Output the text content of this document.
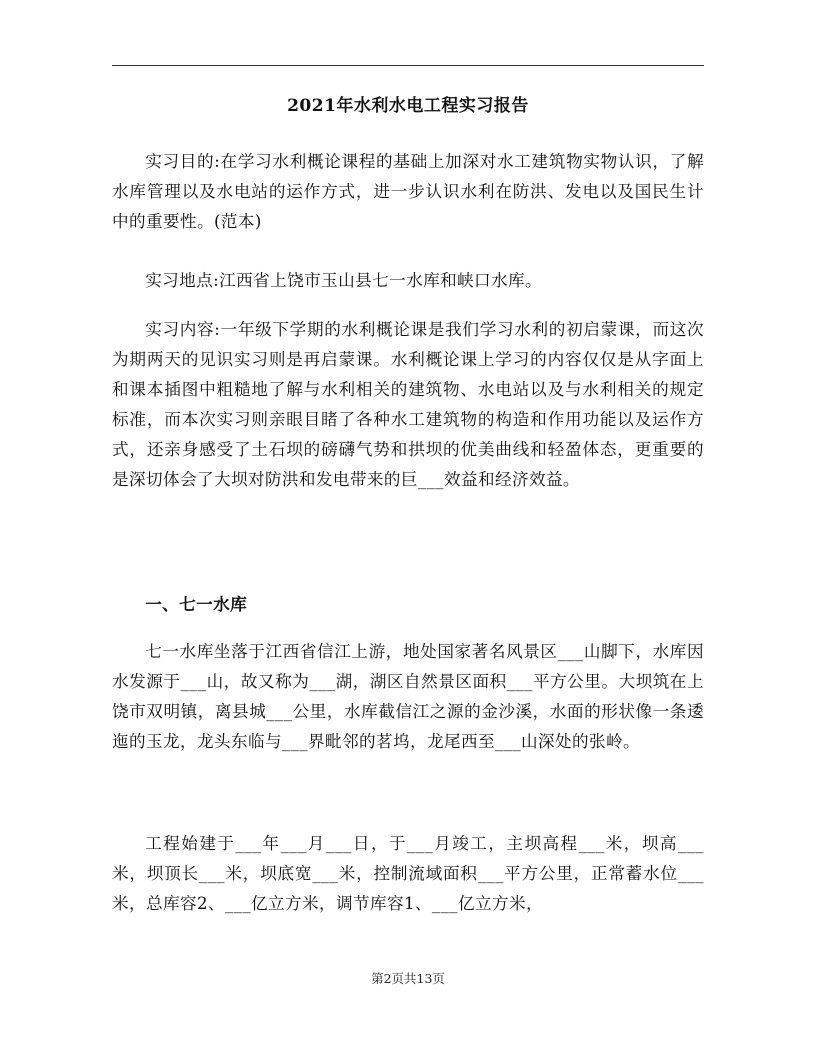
2021年水利水电工程实习报告

实习目的:在学习水利概论课程的基础上加深对水工建筑物实物认识，了解水库管理以及水电站的运作方式，进一步认识水利在防洪、发电以及国民生计中的重要性。(范本)

实习地点:江西省上饶市玉山县七一水库和峡口水库。

实习内容:一年级下学期的水利概论课是我们学习水利的初启蒙课，而这次为期两天的见识实习则是再启蒙课。水利概论课上学习的内容仅仅是从字面上和课本插图中粗糙地了解与水利相关的建筑物、水电站以及与水利相关的规定标准，而本次实习则亲眼目睹了各种水工建筑物的构造和作用功能以及运作方式，还亲身感受了土石坝的磅礴气势和拱坝的优美曲线和轻盈体态，更重要的是深切体会了大坝对防洪和发电带来的巨___效益和经济效益。

一、七一水库

七一水库坐落于江西省信江上游，地处国家著名风景区___山脚下，水库因水发源于___山，故又称为___湖，湖区自然景区面积___平方公里。大坝筑在上饶市双明镇，离县城___公里，水库截信江之源的金沙溪，水面的形状像一条逶迤的玉龙，龙头东临与___界毗邻的茗坞，龙尾西至___山深处的张岭。

工程始建于___年___月___日，于___月竣工，主坝高程___米，坝高___米，坝顶长___米，坝底宽___米，控制流域面积___平方公里，正常蓄水位___米，总库容2、___亿立方米，调节库容1、___亿立方米，

第2页共13页
